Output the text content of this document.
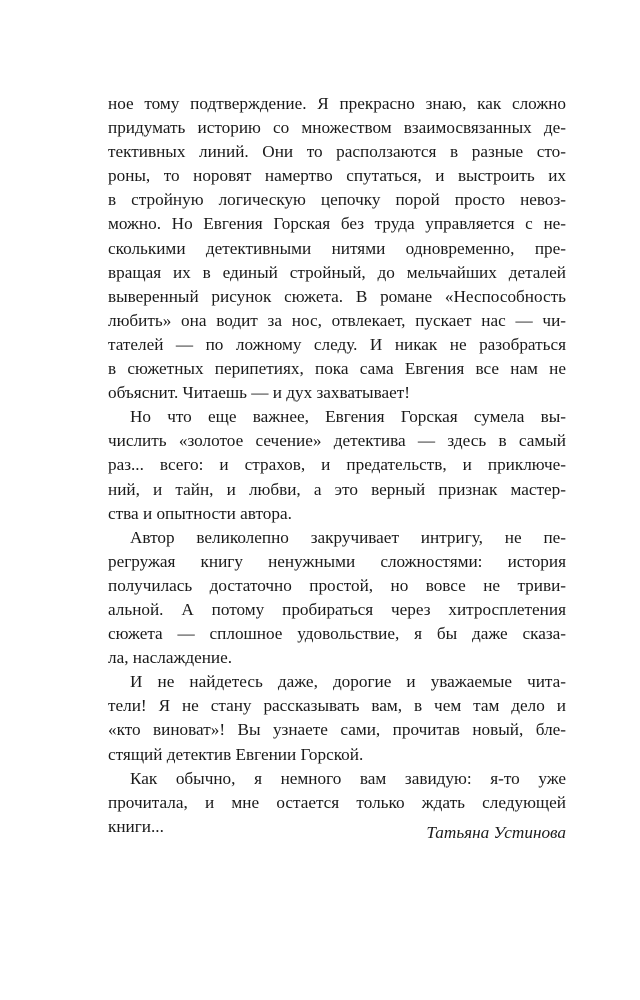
ное тому подтверждение. Я прекрасно знаю, как сложно
придумать историю со множеством взаимосвязанных де-
тективных линий. Они то расползаются в разные сто-
роны, то норовят намертво спутаться, и выстроить их
в стройную логическую цепочку порой просто невоз-
можно. Но Евгения Горская без труда управляется с не-
сколькими детективными нитями одновременно, пре-
вращая их в единый стройный, до мельчайших деталей
выверенный рисунок сюжета. В романе «Неспособность
любить» она водит за нос, отвлекает, пускает нас — чи-
тателей — по ложному следу. И никак не разобраться
в сюжетных перипетиях, пока сама Евгения все нам не
объяснит. Читаешь — и дух захватывает!
Но что еще важнее, Евгения Горская сумела вы-
числить «золотое сечение» детектива — здесь в самый
раз... всего: и страхов, и предательств, и приключе-
ний, и тайн, и любви, а это верный признак мастер-
ства и опытности автора.
Автор великолепно закручивает интригу, не пе-
регружая книгу ненужными сложностями: история
получилась достаточно простой, но вовсе не триви-
альной. А потому пробираться через хитросплетения
сюжета — сплошное удовольствие, я бы даже сказа-
ла, наслаждение.
И не найдетесь даже, дорогие и уважаемые чита-
тели! Я не стану рассказывать вам, в чем там дело и
«кто виноват»! Вы узнаете сами, прочитав новый, бле-
стящий детектив Евгении Горской.
Как обычно, я немного вам завидую: я-то уже
прочитала, и мне остается только ждать следующей
книги...	Татьяна Устинова
